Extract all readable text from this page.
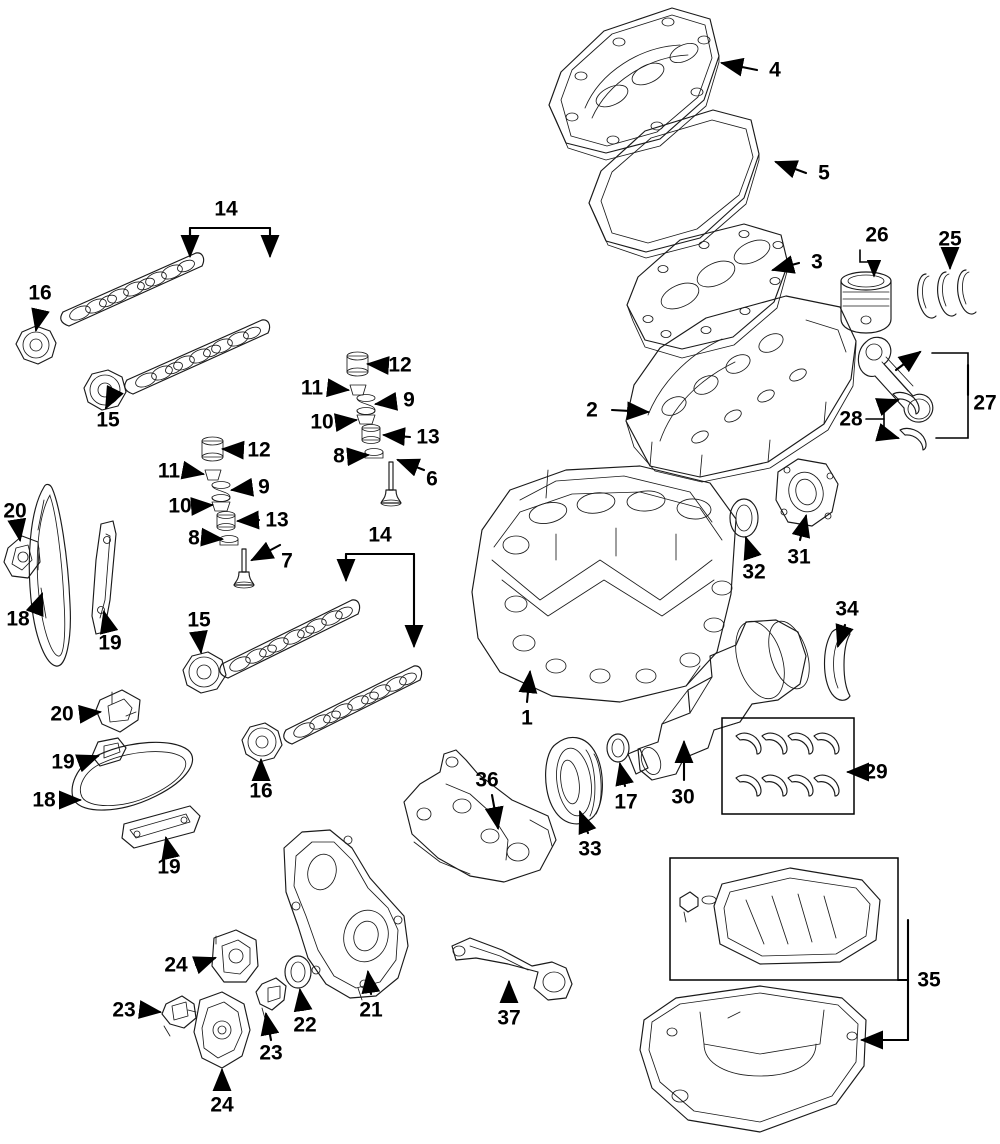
1
2
3
4
5
6
7
8
8
9
9
10
10
11
11
12
12
13
13
14
14
15
15
16
16	17
18
18
19
19
19
20
20
21
22
23
23
24
24
25
26
27
28
29
30
31
32
33
34
35
36
37
